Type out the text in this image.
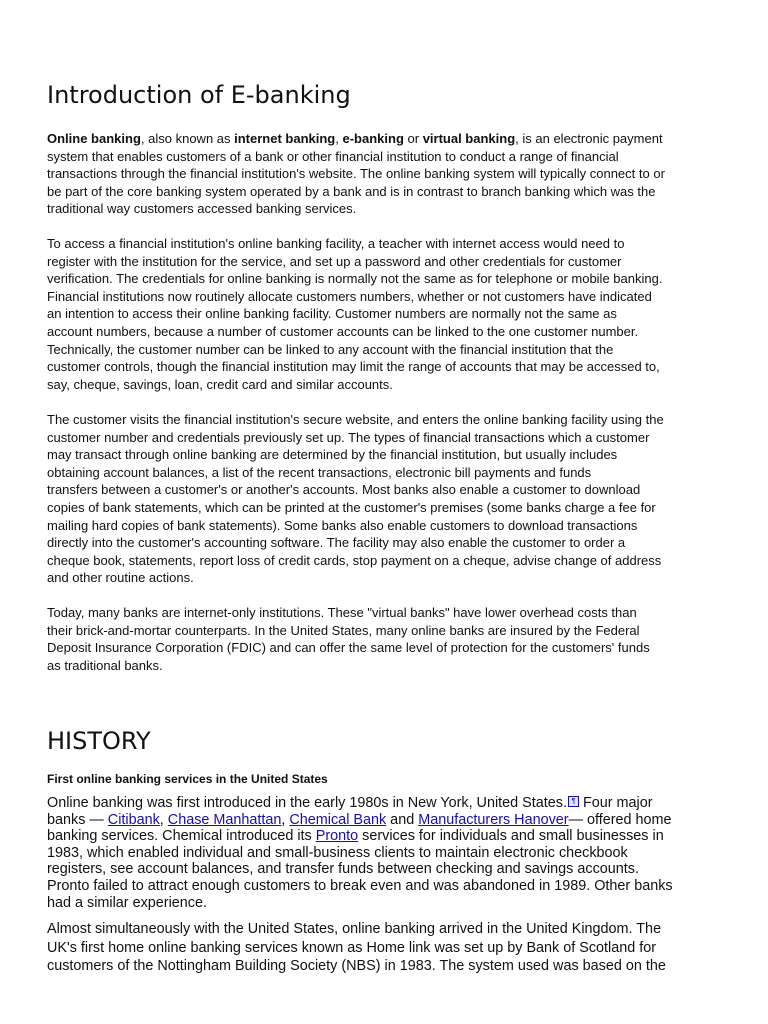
Introduction of E-banking
Online banking, also known as internet banking, e-banking or virtual banking, is an electronic payment
system that enables customers of a bank or other financial institution to conduct a range of financial
transactions through the financial institution's website. The online banking system will typically connect to or
be part of the core banking system operated by a bank and is in contrast to branch banking which was the
traditional way customers accessed banking services.
To access a financial institution's online banking facility, a teacher with internet access would need to
register with the institution for the service, and set up a password and other credentials for customer
verification. The credentials for online banking is normally not the same as for telephone or mobile banking.
Financial institutions now routinely allocate customers numbers, whether or not customers have indicated
an intention to access their online banking facility. Customer numbers are normally not the same as
account numbers, because a number of customer accounts can be linked to the one customer number.
Technically, the customer number can be linked to any account with the financial institution that the
customer controls, though the financial institution may limit the range of accounts that may be accessed to,
say, cheque, savings, loan, credit card and similar accounts.
The customer visits the financial institution's secure website, and enters the online banking facility using the
customer number and credentials previously set up. The types of financial transactions which a customer
may transact through online banking are determined by the financial institution, but usually includes
obtaining account balances, a list of the recent transactions, electronic bill payments and funds
transfers between a customer's or another's accounts. Most banks also enable a customer to download
copies of bank statements, which can be printed at the customer's premises (some banks charge a fee for
mailing hard copies of bank statements). Some banks also enable customers to download transactions
directly into the customer's accounting software. The facility may also enable the customer to order a
cheque book, statements, report loss of credit cards, stop payment on a cheque, advise change of address
and other routine actions.
Today, many banks are internet-only institutions. These "virtual banks" have lower overhead costs than
their brick-and-mortar counterparts. In the United States, many online banks are insured by the Federal
Deposit Insurance Corporation (FDIC) and can offer the same level of protection for the customers' funds
as traditional banks.
HISTORY
First online banking services in the United States
Online banking was first introduced in the early 1980s in New York, United States. ¶ Four major
banks — Citibank, Chase Manhattan, Chemical Bank and Manufacturers Hanover— offered home
banking services. Chemical introduced its Pronto services for individuals and small businesses in
1983, which enabled individual and small-business clients to maintain electronic checkbook
registers, see account balances, and transfer funds between checking and savings accounts.
Pronto failed to attract enough customers to break even and was abandoned in 1989. Other banks
had a similar experience.
Almost simultaneously with the United States, online banking arrived in the United Kingdom. The
UK's first home online banking services known as Home link was set up by Bank of Scotland for
customers of the Nottingham Building Society (NBS) in 1983. The system used was based on the
